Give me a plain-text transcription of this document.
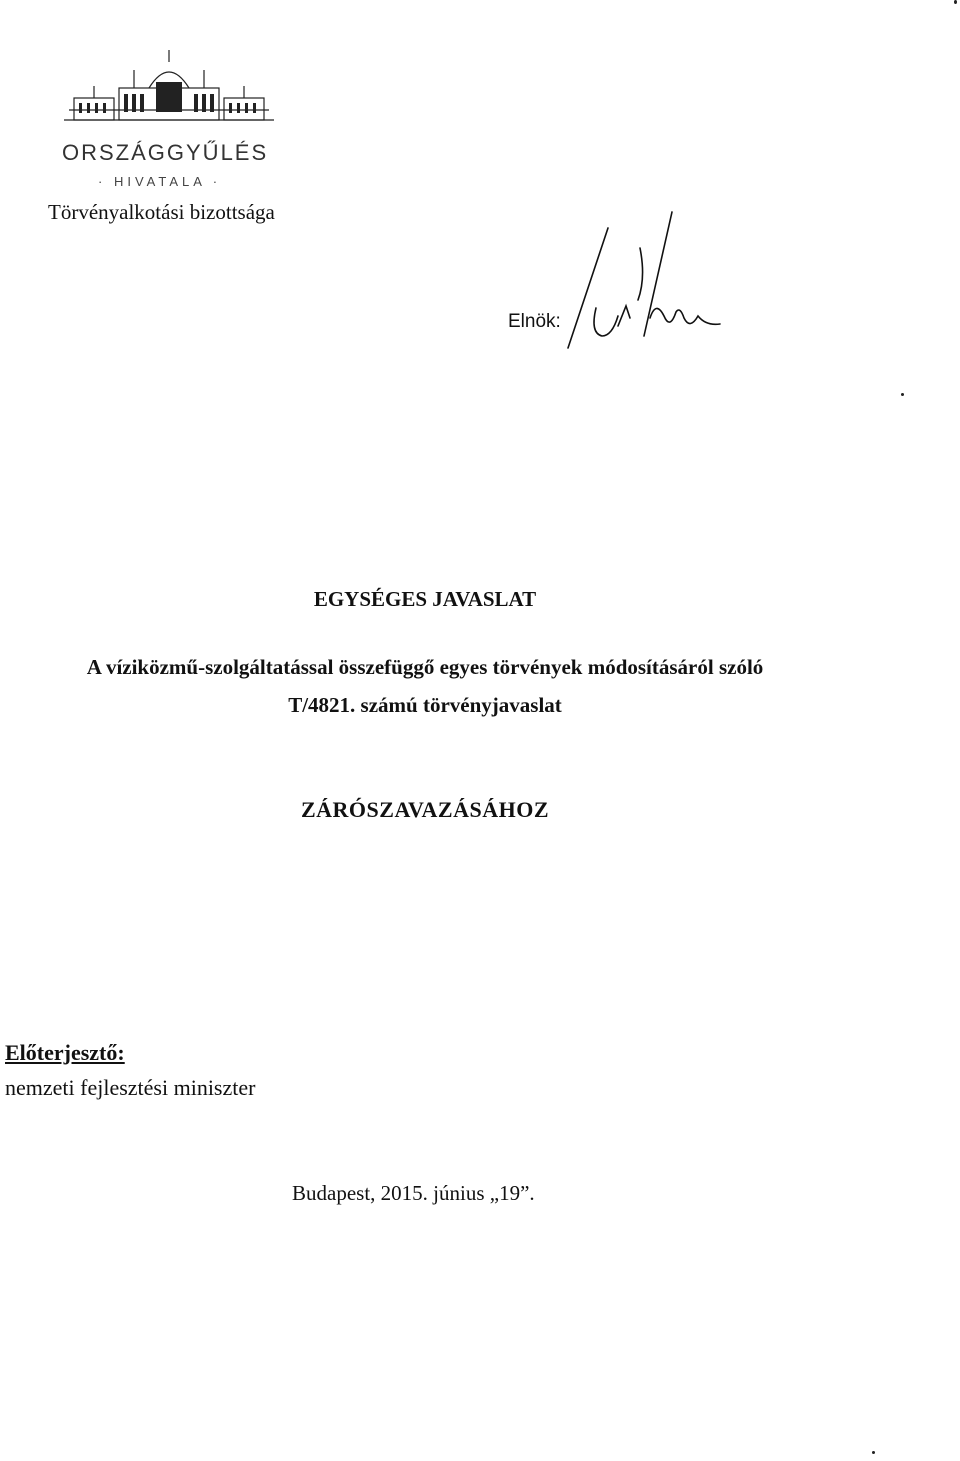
ORSZÁGGYŰLÉS
· HIVATALA ·
Törvényalkotási bizottsága
Elnök:
EGYSÉGES JAVASLAT
A víziközmű-szolgáltatással összefüggő egyes törvények módosításáról szóló
T/4821. számú törvényjavaslat
ZÁRÓSZAVAZÁSÁHOZ
Előterjesztő:
nemzeti fejlesztési miniszter
Budapest, 2015. június „19”.
